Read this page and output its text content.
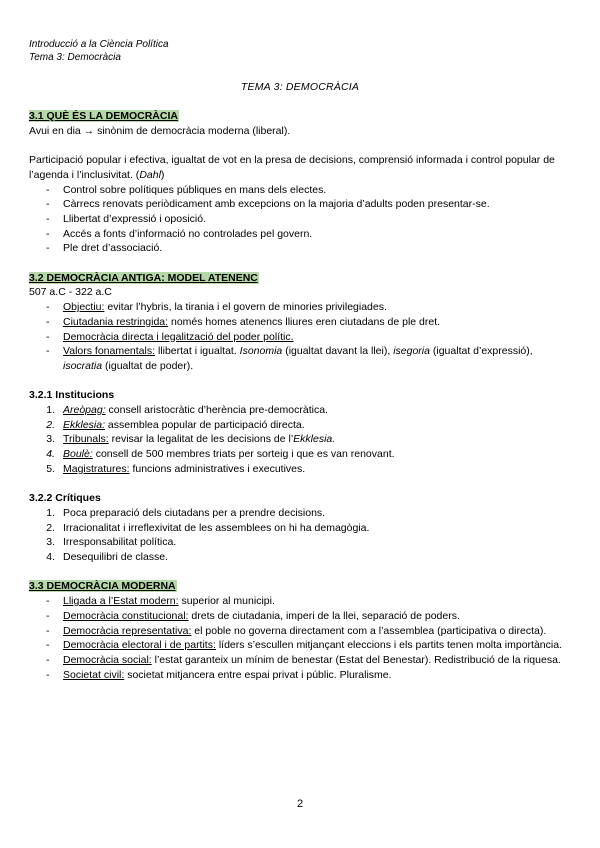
Introducció a la Ciència Política
Tema 3: Democràcia
TEMA 3: DEMOCRÀCIA
3.1 QUÈ ÉS LA DEMOCRÀCIA

Avui en dia → sinònim de democràcia moderna (liberal).

Participació popular i efectiva, igualtat de vot en la presa de decisions, comprensió informada i control popular de l’agenda i l’inclusivitat. (Dahl)

- Control sobre polítiques públiques en mans dels electes.
- Càrrecs renovats periòdicament amb excepcions on la majoria d’adults poden presentar-se.
- Llibertat d’expressió i oposició.
- Accés a fonts d’informació no controlades pel govern.
- Ple dret d’associació.
3.2 DEMOCRÀCIA ANTIGA: MODEL ATENENC

507 a.C - 322 a.C

- Objectiu: evitar l’hybris, la tirania i el govern de minories privilegiades.
- Ciutadania restringida: només homes atenencs lliures eren ciutadans de ple dret.
- Democràcia directa i legalització del poder polític.
- Valors fonamentals: llibertat i igualtat. Isonomia (igualtat davant la llei), isegoria (igualtat d’expressió), isocratia (igualtat de poder).
3.2.1 Institucions
1. Areòpag: consell aristocràtic d’herència pre-democràtica.
2. Ekklesia: assemblea popular de participació directa.
3. Tribunals: revisar la legalitat de les decisions de l’Ekklesia.
4. Boulè: consell de 500 membres triats per sorteig i que es van renovant.
5. Magistratures: funcions administratives i executives.
3.2.2 Crítiques
1. Poca preparació dels ciutadans per a prendre decisions.
2. Irracionalitat i irreflexivitat de les assemblees on hi ha demagògia.
3. Irresponsabilitat política.
4. Desequilibri de classe.
3.3 DEMOCRÀCIA MODERNA
- Lligada a l’Estat modern: superior al municipi.
- Democràcia constitucional: drets de ciutadania, imperi de la llei, separació de poders.
- Democràcia representativa: el poble no governa directament com a l’assemblea (participativa o directa).
- Democràcia electoral i de partits: líders s’escullen mitjançant eleccions i els partits tenen molta importància.
- Democràcia social: l’estat garanteix un mínim de benestar (Estat del Benestar). Redistribució de la riquesa.
- Societat civil: societat mitjancera entre espai privat i públic. Pluralisme.
2
